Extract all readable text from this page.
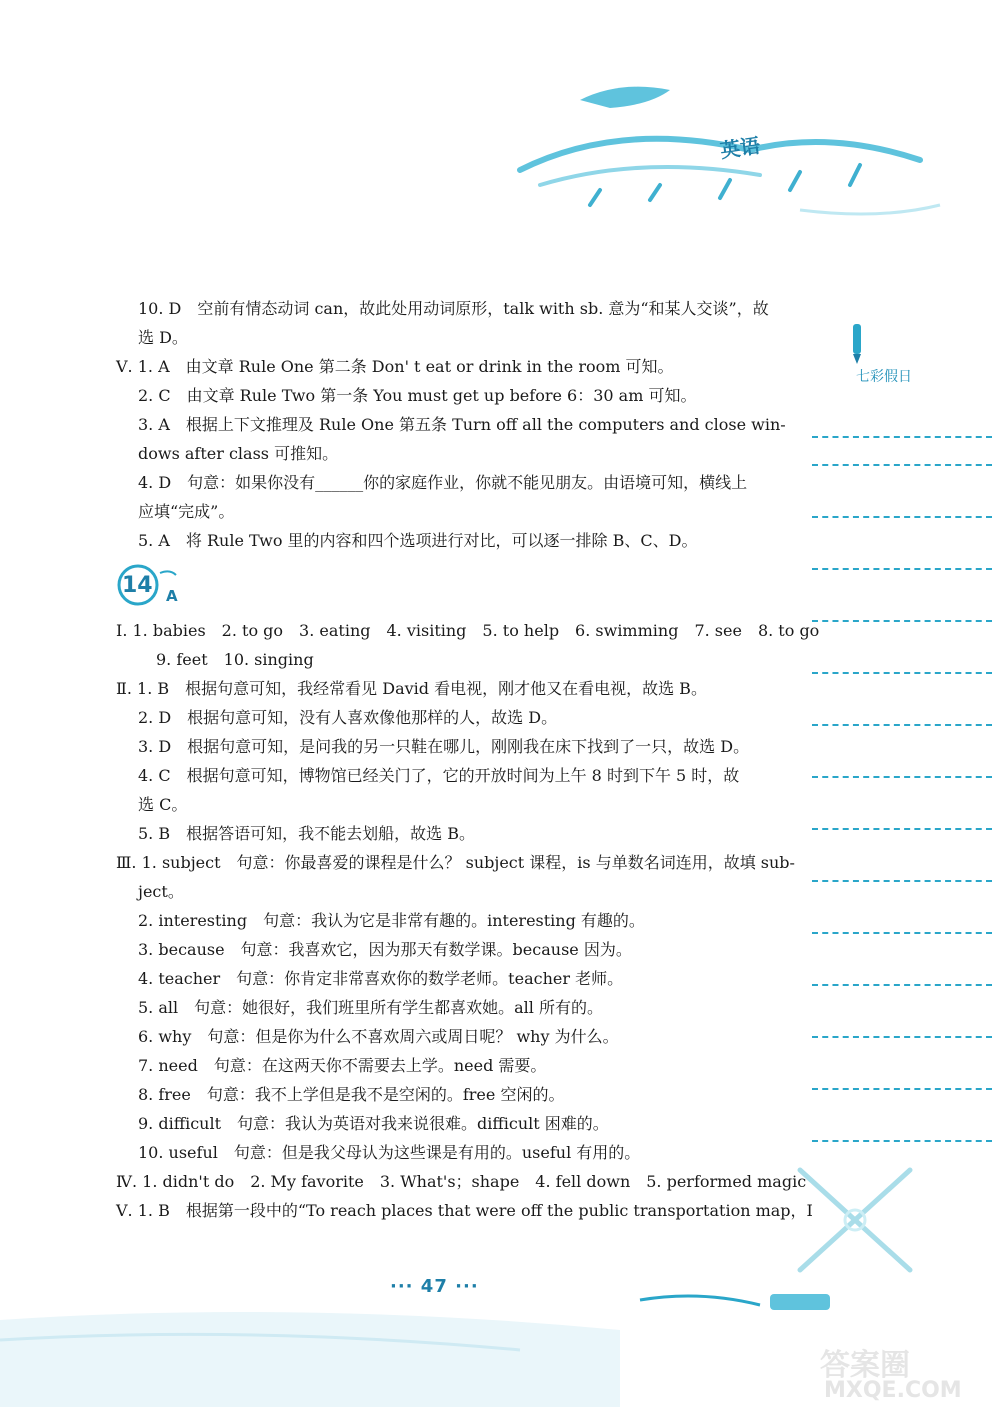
英语
七彩假日
14 A
10. D　空前有情态动词 can，故此处用动词原形，talk with sb. 意为“和某人交谈”，故
选 D。
Ⅴ. 1. A　由文章 Rule One 第二条 Don' t eat or drink in the room 可知。
2. C　由文章 Rule Two 第一条 You must get up before 6：30 am 可知。
3. A　根据上下文推理及 Rule One 第五条 Turn off all the computers and close win-
dows after class 可推知。
4. D　句意：如果你没有______你的家庭作业，你就不能见朋友。由语境可知，横线上
应填“完成”。
5. A　将 Rule Two 里的内容和四个选项进行对比，可以逐一排除 B、C、D。
Ⅰ. 1. babies　2. to go　3. eating　4. visiting　5. to help　6. swimming　7. see　8. to go
9. feet　10. singing
Ⅱ. 1. B　根据句意可知，我经常看见 David 看电视，刚才他又在看电视，故选 B。
2. D　根据句意可知，没有人喜欢像他那样的人，故选 D。
3. D　根据句意可知，是问我的另一只鞋在哪儿，刚刚我在床下找到了一只，故选 D。
4. C　根据句意可知，博物馆已经关门了，它的开放时间为上午 8 时到下午 5 时，故
选 C。
5. B　根据答语可知，我不能去划船，故选 B。
Ⅲ. 1. subject　句意：你最喜爱的课程是什么？ subject 课程，is 与单数名词连用，故填 sub-
ject。
2. interesting　句意：我认为它是非常有趣的。interesting 有趣的。
3. because　句意：我喜欢它，因为那天有数学课。because 因为。
4. teacher　句意：你肯定非常喜欢你的数学老师。teacher 老师。
5. all　句意：她很好，我们班里所有学生都喜欢她。all 所有的。
6. why　句意：但是你为什么不喜欢周六或周日呢？ why 为什么。
7. need　句意：在这两天你不需要去上学。need 需要。
8. free　句意：我不上学但是我不是空闲的。free 空闲的。
9. difficult　句意：我认为英语对我来说很难。difficult 困难的。
10. useful　句意：但是我父母认为这些课是有用的。useful 有用的。
Ⅳ. 1. didn't do　2. My favorite　3. What's；shape　4. fell down　5. performed magic
Ⅴ. 1. B　根据第一段中的“To reach places that were off the public transportation map，I
··· 47 ···
答案圈
MXQE.COM
